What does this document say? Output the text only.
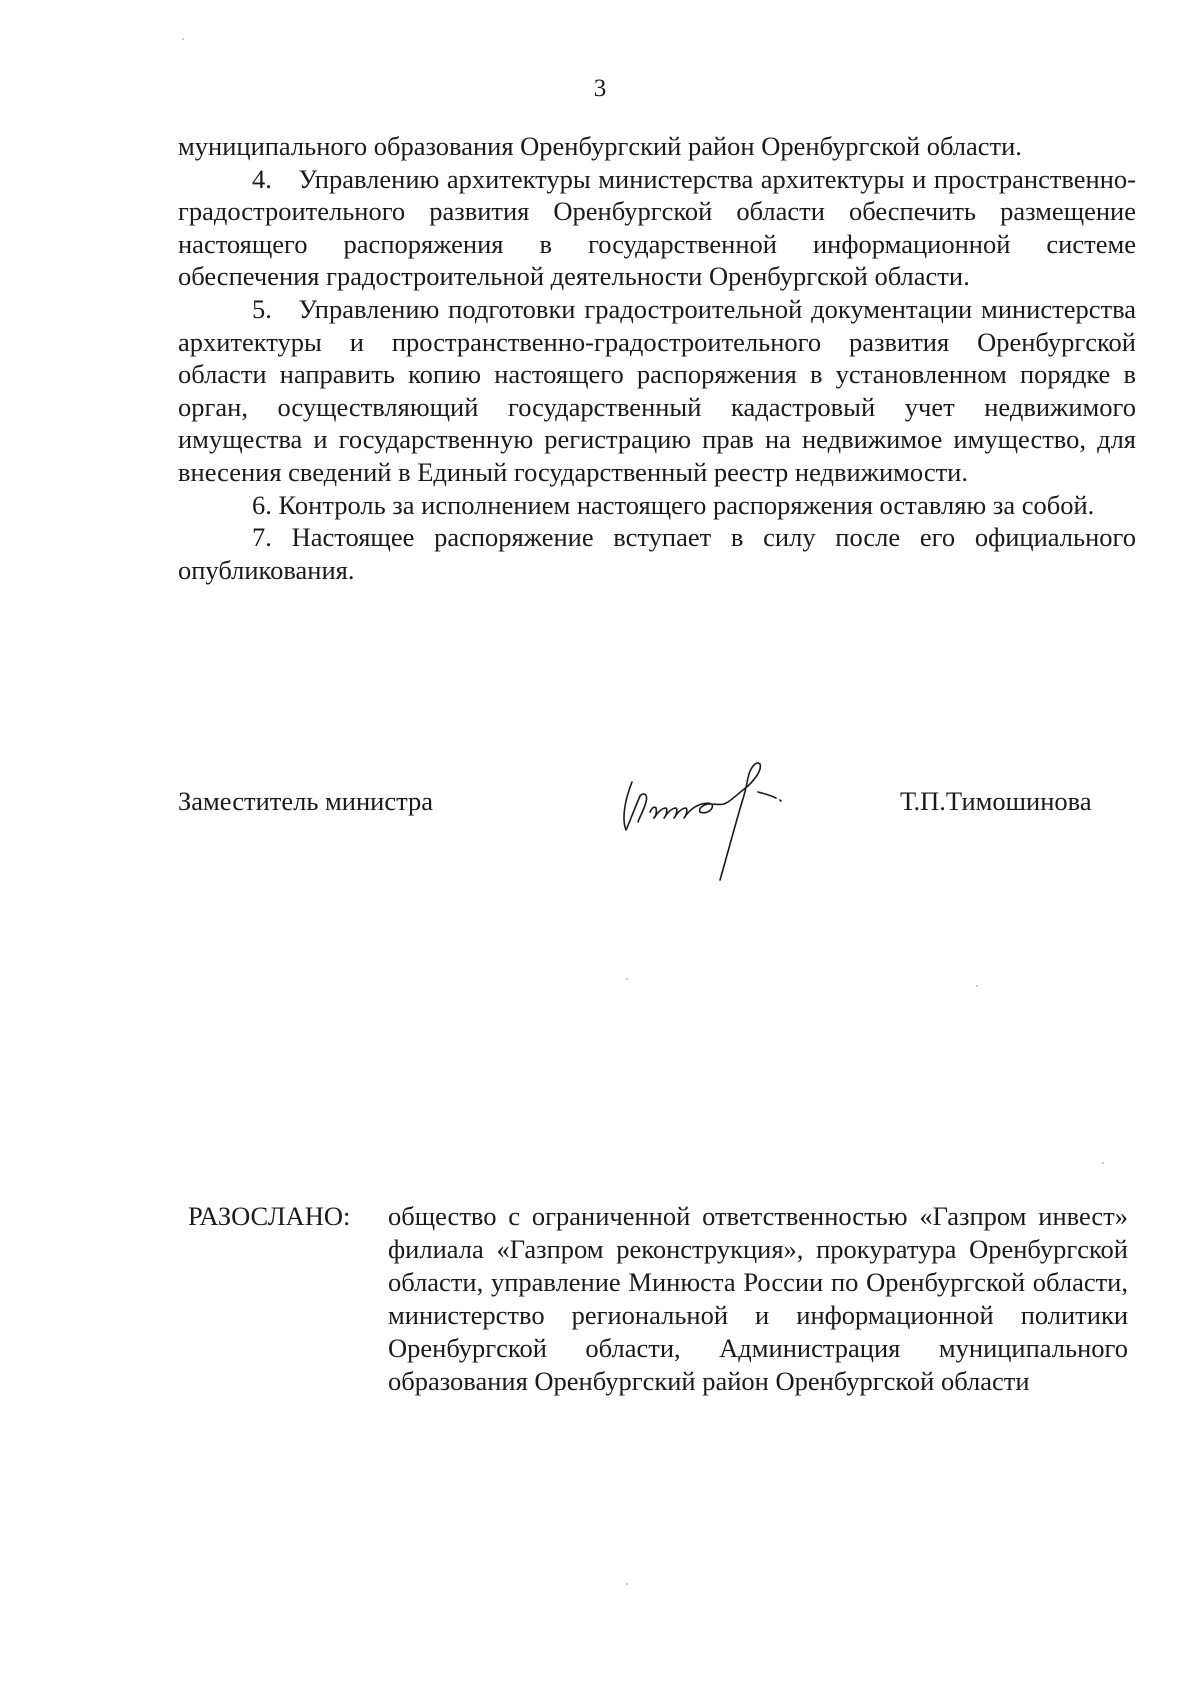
3

муниципального образования Оренбургский район Оренбургской области.

4. Управлению архитектуры министерства архитектуры и пространственно-градостроительного развития Оренбургской области обеспечить размещение настоящего распоряжения в государственной информационной системе обеспечения градостроительной деятельности Оренбургской области.

5. Управлению подготовки градостроительной документации министерства архитектуры и пространственно-градостроительного развития Оренбургской области направить копию настоящего распоряжения в установленном порядке в орган, осуществляющий государственный кадастровый учет недвижимого имущества и государственную регистрацию прав на недвижимое имущество, для внесения сведений в Единый государственный реестр недвижимости.

6. Контроль за исполнением настоящего распоряжения оставляю за собой.

7. Настоящее распоряжение вступает в силу после его официального опубликования.

Заместитель министра	Т.П.Тимошинова
РАЗОСЛАНО: общество с ограниченной ответственностью «Газпром инвест» филиала «Газпром реконструкция», прокуратура Оренбургской области, управление Минюста России по Оренбургской области, министерство региональной и информационной политики Оренбургской области, Администрация муниципального образования Оренбургский район Оренбургской области
